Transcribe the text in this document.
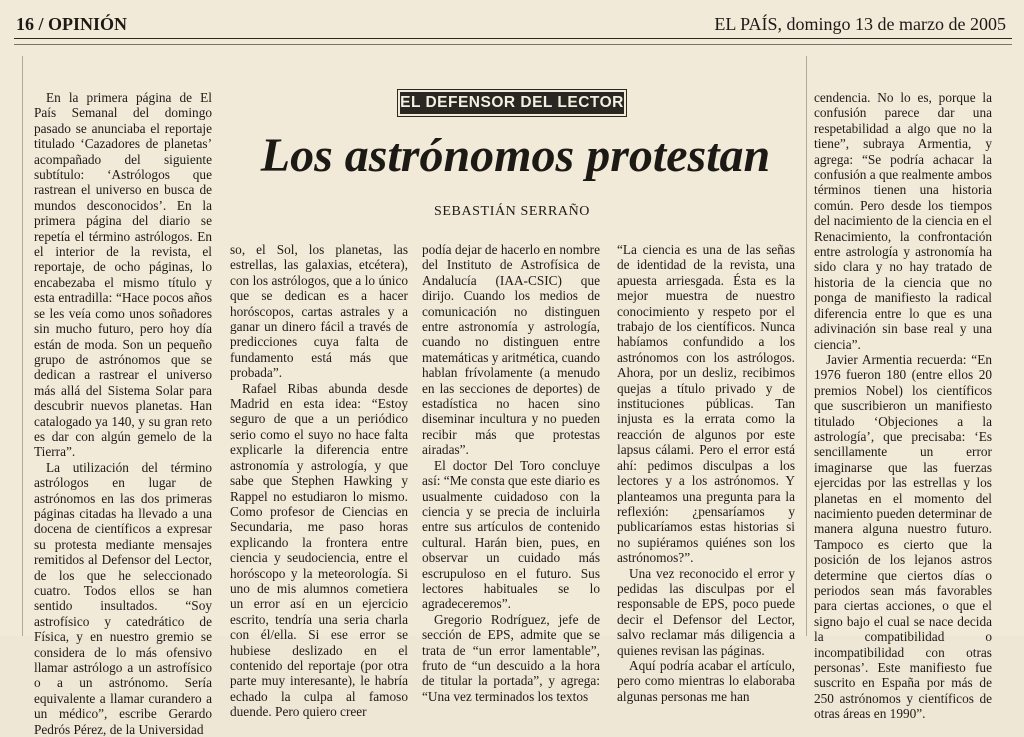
16 / OPINIÓN	EL PAÍS, domingo 13 de marzo de 2005
EL DEFENSOR DEL LECTOR
Los astrónomos protestan
SEBASTIÁN SERRAÑO

En la primera página de El País Semanal del domingo pasado se anunciaba el reportaje titulado ‘Cazadores de planetas’ acompañado del siguiente subtítulo: ‘Astrólogos que rastrean el universo en busca de mundos desconocidos’. En la primera página del diario se repetía el término astrólogos. En el interior de la revista, el reportaje, de ocho páginas, lo encabezaba el mismo título y esta entradilla: “Hace pocos años se les veía como unos soñadores sin mucho futuro, pero hoy día están de moda. Son un pequeño grupo de astrónomos que se dedican a rastrear el universo más allá del Sistema Solar para descubrir nuevos planetas. Han catalogado ya 140, y su gran reto es dar con algún gemelo de la Tierra”.

La utilización del término astrólogos en lugar de astrónomos en las dos primeras páginas citadas ha llevado a una docena de científicos a expresar su protesta mediante mensajes remitidos al Defensor del Lector, de los que he seleccionado cuatro. Todos ellos se han sentido insultados. “Soy astrofísico y catedrático de Física, y en nuestro gremio se considera de lo más ofensivo llamar astrólogo a un astrofísico o a un astrónomo. Sería equivalente a llamar curandero a un médico”, escribe Gerardo Pedrós Pérez, de la Universidad

so, el Sol, los planetas, las estrellas, las galaxias, etcétera), con los astrólogos, que a lo único que se dedican es a hacer horóscopos, cartas astrales y a ganar un dinero fácil a través de predicciones cuya falta de fundamento está más que probada”.

Rafael Ribas abunda desde Madrid en esta idea: “Estoy seguro de que a un periódico serio como el suyo no hace falta explicarle la diferencia entre astronomía y astrología, y que sabe que Stephen Hawking y Rappel no estudiaron lo mismo. Como profesor de Ciencias en Secundaria, me paso horas explicando la frontera entre ciencia y seudociencia, entre el horóscopo y la meteorología. Si uno de mis alumnos cometiera un error así en un ejercicio escrito, tendría una seria charla con él/ella. Si ese error se hubiese deslizado en el contenido del reportaje (por otra parte muy interesante), le habría echado la culpa al famoso duende. Pero quiero creer

podía dejar de hacerlo en nombre del Instituto de Astrofísica de Andalucía (IAA-CSIC) que dirijo. Cuando los medios de comunicación no distinguen entre astronomía y astrología, cuando no distinguen entre matemáticas y aritmética, cuando hablan frívolamente (a menudo en las secciones de deportes) de estadística no hacen sino diseminar incultura y no pueden recibir más que protestas airadas”.

El doctor Del Toro concluye así: “Me consta que este diario es usualmente cuidadoso con la ciencia y se precia de incluirla entre sus artículos de contenido cultural. Harán bien, pues, en observar un cuidado más escrupuloso en el futuro. Sus lectores habituales se lo agradeceremos”.

Gregorio Rodríguez, jefe de sección de EPS, admite que se trata de “un error lamentable”, fruto de “un descuido a la hora de titular la portada”, y agrega: “Una vez terminados los textos

“La ciencia es una de las señas de identidad de la revista, una apuesta arriesgada. Ésta es la mejor muestra de nuestro conocimiento y respeto por el trabajo de los científicos. Nunca habíamos confundido a los astrónomos con los astrólogos. Ahora, por un desliz, recibimos quejas a título privado y de instituciones públicas. Tan injusta es la errata como la reacción de algunos por este lapsus cálami. Pero el error está ahí: pedimos disculpas a los lectores y a los astrónomos. Y planteamos una pregunta para la reflexión: ¿pensaríamos y publicaríamos estas historias si no supiéramos quiénes son los astrónomos?”.

Una vez reconocido el error y pedidas las disculpas por el responsable de EPS, poco puede decir el Defensor del Lector, salvo reclamar más diligencia a quienes revisan las páginas.

Aquí podría acabar el artículo, pero como mientras lo elaboraba algunas personas me han

cendencia. No lo es, porque la confusión parece dar una respetabilidad a algo que no la tiene”, subraya Armentia, y agrega: “Se podría achacar la confusión a que realmente ambos términos tienen una historia común. Pero desde los tiempos del nacimiento de la ciencia en el Renacimiento, la confrontación entre astrología y astronomía ha sido clara y no hay tratado de historia de la ciencia que no ponga de manifiesto la radical diferencia entre lo que es una adivinación sin base real y una ciencia”.

Javier Armentia recuerda: “En 1976 fueron 180 (entre ellos 20 premios Nobel) los científicos que suscribieron un manifiesto titulado ‘Objeciones a la astrología’, que precisaba: ‘Es sencillamente un error imaginarse que las fuerzas ejercidas por las estrellas y los planetas en el momento del nacimiento pueden determinar de manera alguna nuestro futuro. Tampoco es cierto que la posición de los lejanos astros determine que ciertos días o periodos sean más favorables para ciertas acciones, o que el signo bajo el cual se nace decida la compatibilidad o incompatibilidad con otras personas’. Este manifiesto fue suscrito en España por más de 250 astrónomos y científicos de otras áreas en 1990”.
